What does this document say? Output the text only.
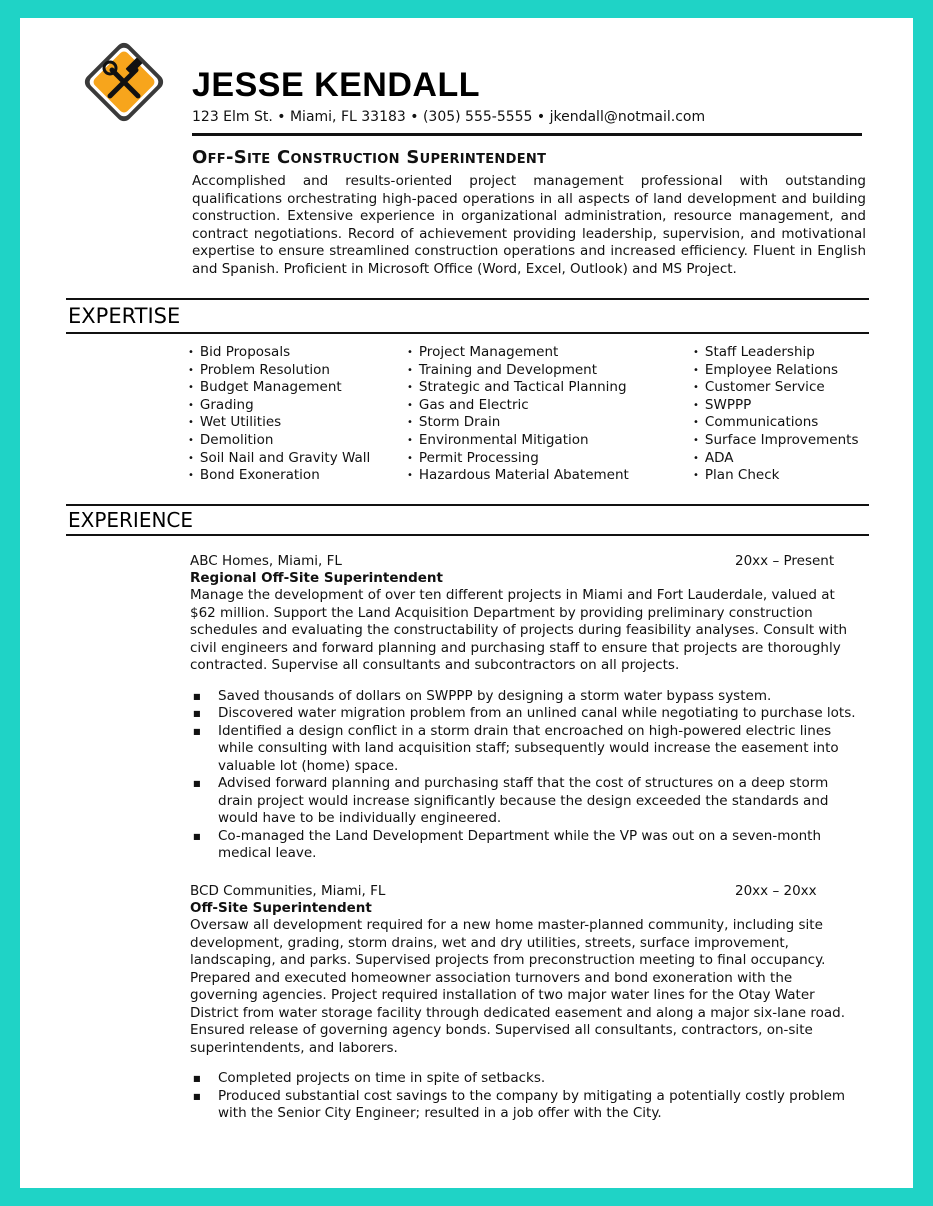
JESSE KENDALL
123 Elm St. • Miami, FL 33183 • (305) 555-5555 • jkendall@notmail.com
Off-Site Construction Superintendent

Accomplished and results-oriented project management professional with outstanding qualifications orchestrating high-paced operations in all aspects of land development and building construction. Extensive experience in organizational administration, resource management, and contract negotiations. Record of achievement providing leadership, supervision, and motivational expertise to ensure streamlined construction operations and increased efficiency. Fluent in English and Spanish. Proficient in Microsoft Office (Word, Excel, Outlook) and MS Project.

EXPERTISE
• Bid Proposals
• Problem Resolution
• Budget Management
• Grading
• Wet Utilities
• Demolition
• Soil Nail and Gravity Wall
• Bond Exoneration
• Project Management
• Training and Development
• Strategic and Tactical Planning
• Gas and Electric
• Storm Drain
• Environmental Mitigation
• Permit Processing
• Hazardous Material Abatement
• Staff Leadership
• Employee Relations
• Customer Service
• SWPPP
• Communications
• Surface Improvements
• ADA
• Plan Check
EXPERIENCE
ABC Homes, Miami, FL	20xx – Present
Regional Off-Site Superintendent

Manage the development of over ten different projects in Miami and Fort Lauderdale, valued at $62 million. Support the Land Acquisition Department by providing preliminary construction schedules and evaluating the constructability of projects during feasibility analyses. Consult with civil engineers and forward planning and purchasing staff to ensure that projects are thoroughly contracted. Supervise all consultants and subcontractors on all projects.

■ Saved thousands of dollars on SWPPP by designing a storm water bypass system.
■ Discovered water migration problem from an unlined canal while negotiating to purchase lots.
■ Identified a design conflict in a storm drain that encroached on high-powered electric lines while consulting with land acquisition staff; subsequently would increase the easement into valuable lot (home) space.
■ Advised forward planning and purchasing staff that the cost of structures on a deep storm drain project would increase significantly because the design exceeded the standards and would have to be individually engineered.
■ Co-managed the Land Development Department while the VP was out on a seven-month medical leave.
BCD Communities, Miami, FL	20xx – 20xx
Off-Site Superintendent

Oversaw all development required for a new home master-planned community, including site development, grading, storm drains, wet and dry utilities, streets, surface improvement, landscaping, and parks. Supervised projects from preconstruction meeting to final occupancy. Prepared and executed homeowner association turnovers and bond exoneration with the governing agencies. Project required installation of two major water lines for the Otay Water District from water storage facility through dedicated easement and along a major six-lane road. Ensured release of governing agency bonds. Supervised all consultants, contractors, on-site superintendents, and laborers.

■ Completed projects on time in spite of setbacks.
■ Produced substantial cost savings to the company by mitigating a potentially costly problem with the Senior City Engineer; resulted in a job offer with the City.
